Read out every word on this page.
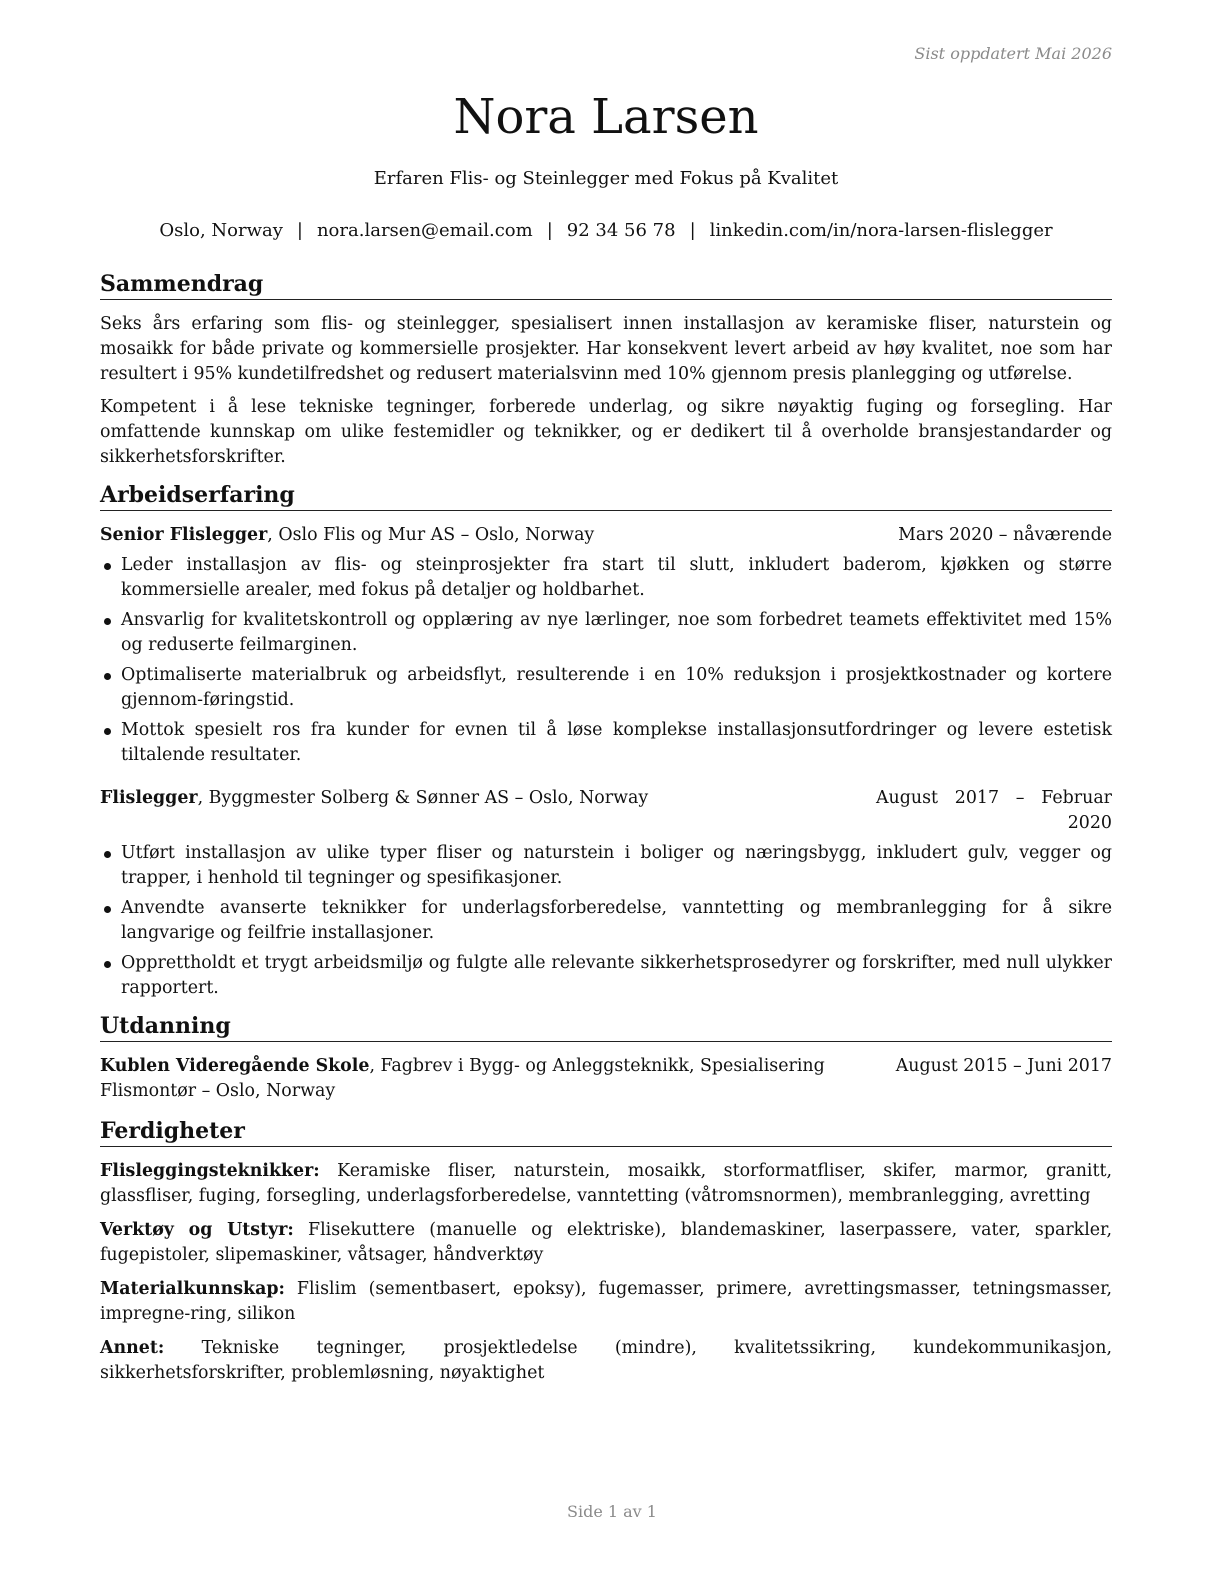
Sist oppdatert Mai 2026
Nora Larsen
Erfaren Flis- og Steinlegger med Fokus på Kvalitet
Oslo, Norway | nora.larsen@email.com | 92 34 56 78 | linkedin.com/in/nora-larsen-flislegger
Sammendrag

Seks års erfaring som flis- og steinlegger, spesialisert innen installasjon av keramiske fliser, naturstein og mosaikk for både private og kommersielle prosjekter. Har konsekvent levert arbeid av høy kvalitet, noe som har resultert i 95% kundetilfredshet og redusert materialsvinn med 10% gjennom presis planlegging og utførelse.

Kompetent i å lese tekniske tegninger, forberede underlag, og sikre nøyaktig fuging og forsegling. Har omfattende kunnskap om ulike festemidler og teknikker, og er dedikert til å overholde bransjestandarder og sikkerhetsforskrifter.

Arbeidserfaring
Senior Flislegger, Oslo Flis og Mur AS – Oslo, Norway	Mars 2020 – nåværende
Leder installasjon av flis- og steinprosjekter fra start til slutt, inkludert baderom, kjøkken og større kommersielle arealer, med fokus på detaljer og holdbarhet.
Ansvarlig for kvalitetskontroll og opplæring av nye lærlinger, noe som forbedret teamets effektivitet med 15% og reduserte feilmarginen.
Optimaliserte materialbruk og arbeidsflyt, resulterende i en 10% reduksjon i prosjektkostnader og kortere gjennom-føringstid.
Mottok spesielt ros fra kunder for evnen til å løse komplekse installasjonsutfordringer og levere estetisk tiltalende resultater.
Flislegger, Byggmester Solberg & Sønner AS – Oslo, Norway	August 2017 – Februar 2020
Utført installasjon av ulike typer fliser og naturstein i boliger og næringsbygg, inkludert gulv, vegger og trapper, i henhold til tegninger og spesifikasjoner.
Anvendte avanserte teknikker for underlagsforberedelse, vanntetting og membranlegging for å sikre langvarige og feilfrie installasjoner.
Opprettholdt et trygt arbeidsmiljø og fulgte alle relevante sikkerhetsprosedyrer og forskrifter, med null ulykker rapportert.
Utdanning
Kublen Videregående Skole, Fagbrev i Bygg- og Anleggsteknikk, Spesialisering Flismontør – Oslo, Norway
August 2015 – Juni 2017
Ferdigheter

Flisleggingsteknikker: Keramiske fliser, naturstein, mosaikk, storformatfliser, skifer, marmor, granitt, glassfliser, fuging, forsegling, underlagsforberedelse, vanntetting (våtromsnormen), membranlegging, avretting

Verktøy og Utstyr: Flisekuttere (manuelle og elektriske), blandemaskiner, laserpassere, vater, sparkler, fugepistoler, slipemaskiner, våtsager, håndverktøy

Materialkunnskap: Flislim (sementbasert, epoksy), fugemasser, primere, avrettingsmasser, tetningsmasser, impregne-ring, silikon

Annet: Tekniske tegninger, prosjektledelse (mindre), kvalitetssikring, kundekommunikasjon, sikkerhetsforskrifter, problemløsning, nøyaktighet

Side 1 av 1
